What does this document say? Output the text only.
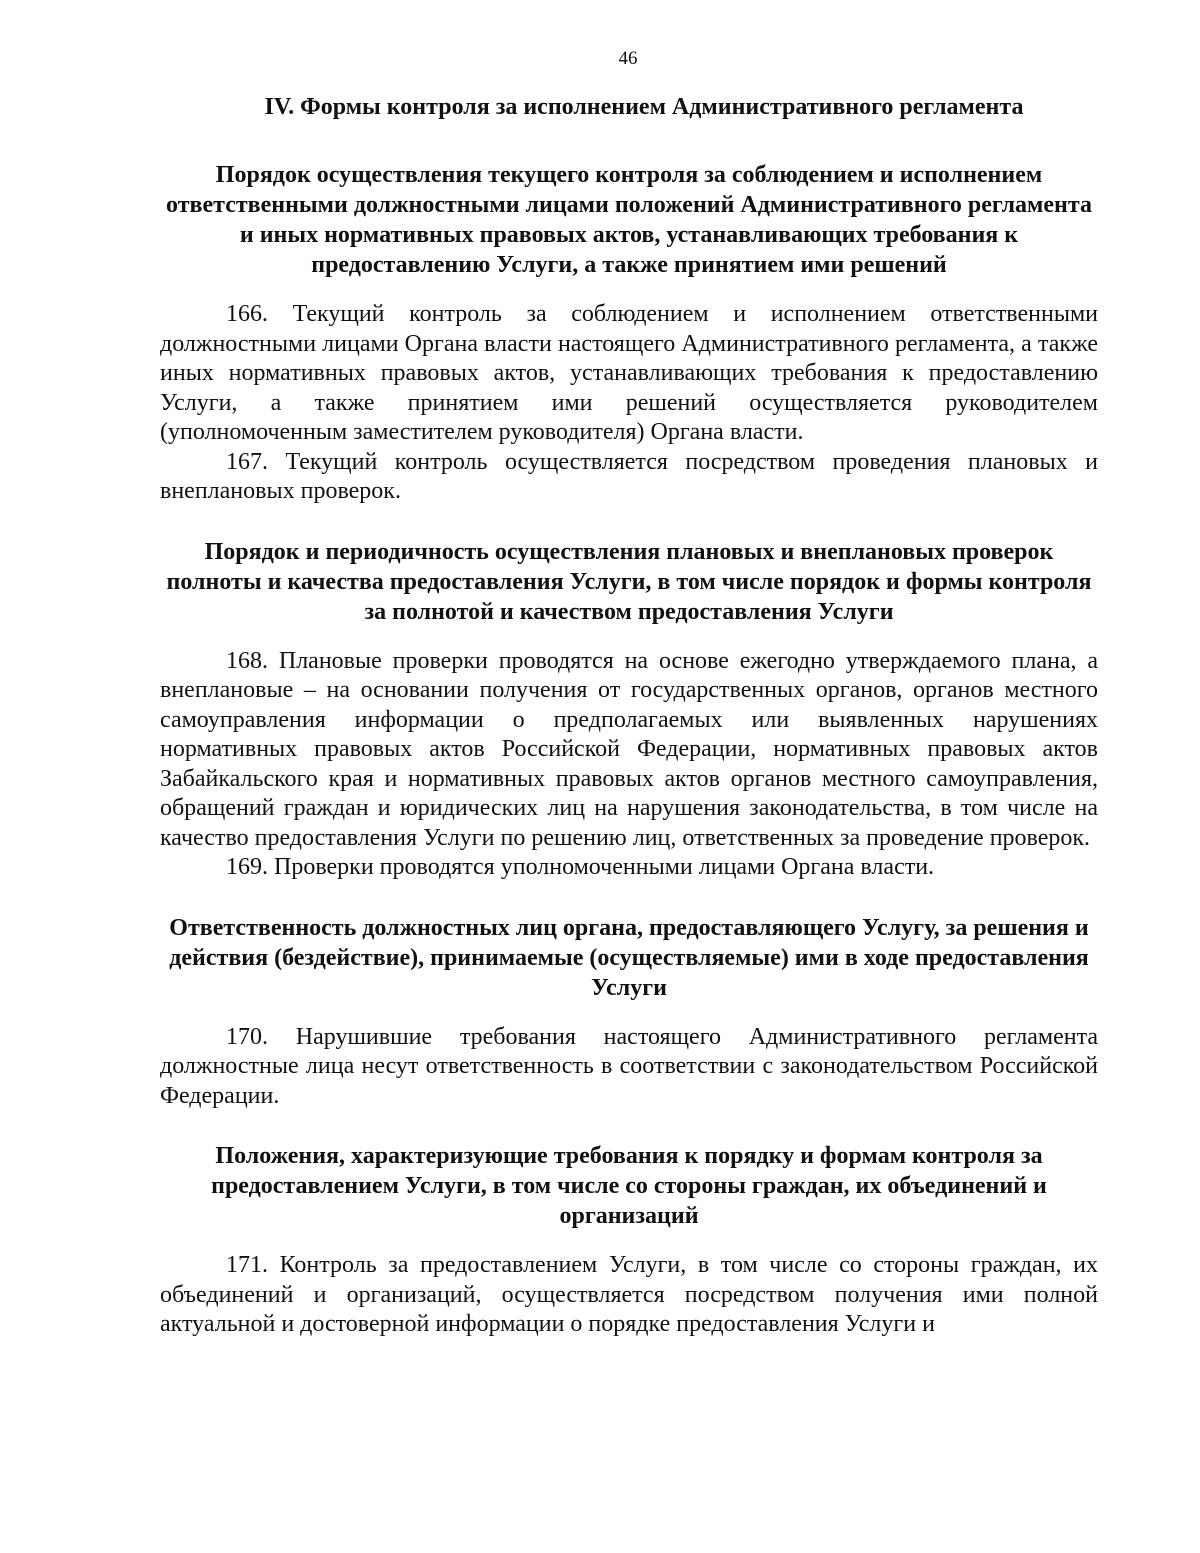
46
IV. Формы контроля за исполнением Административного регламента
Порядок осуществления текущего контроля за соблюдением и исполнением ответственными должностными лицами положений Административного регламента и иных нормативных правовых актов, устанавливающих требования к предоставлению Услуги, а также принятием ими решений

166. Текущий контроль за соблюдением и исполнением ответственными должностными лицами Органа власти настоящего Административного регламента, а также иных нормативных правовых актов, устанавливающих требования к предоставлению Услуги, а также принятием ими решений осуществляется руководителем (уполномоченным заместителем руководителя) Органа власти.

167. Текущий контроль осуществляется посредством проведения плановых и внеплановых проверок.

Порядок и периодичность осуществления плановых и внеплановых проверок полноты и качества предоставления Услуги, в том числе порядок и формы контроля за полнотой и качеством предоставления Услуги

168. Плановые проверки проводятся на основе ежегодно утверждаемого плана, а внеплановые – на основании получения от государственных органов, органов местного самоуправления информации о предполагаемых или выявленных нарушениях нормативных правовых актов Российской Федерации, нормативных правовых актов Забайкальского края и нормативных правовых актов органов местного самоуправления, обращений граждан и юридических лиц на нарушения законодательства, в том числе на качество предоставления Услуги по решению лиц, ответственных за проведение проверок.

169. Проверки проводятся уполномоченными лицами Органа власти.

Ответственность должностных лиц органа, предоставляющего Услугу, за решения и действия (бездействие), принимаемые (осуществляемые) ими в ходе предоставления Услуги

170. Нарушившие требования настоящего Административного регламента должностные лица несут ответственность в соответствии с законодательством Российской Федерации.

Положения, характеризующие требования к порядку и формам контроля за предоставлением Услуги, в том числе со стороны граждан, их объединений и организаций

171. Контроль за предоставлением Услуги, в том числе со стороны граждан, их объединений и организаций, осуществляется посредством получения ими полной актуальной и достоверной информации о порядке предоставления Услуги и
